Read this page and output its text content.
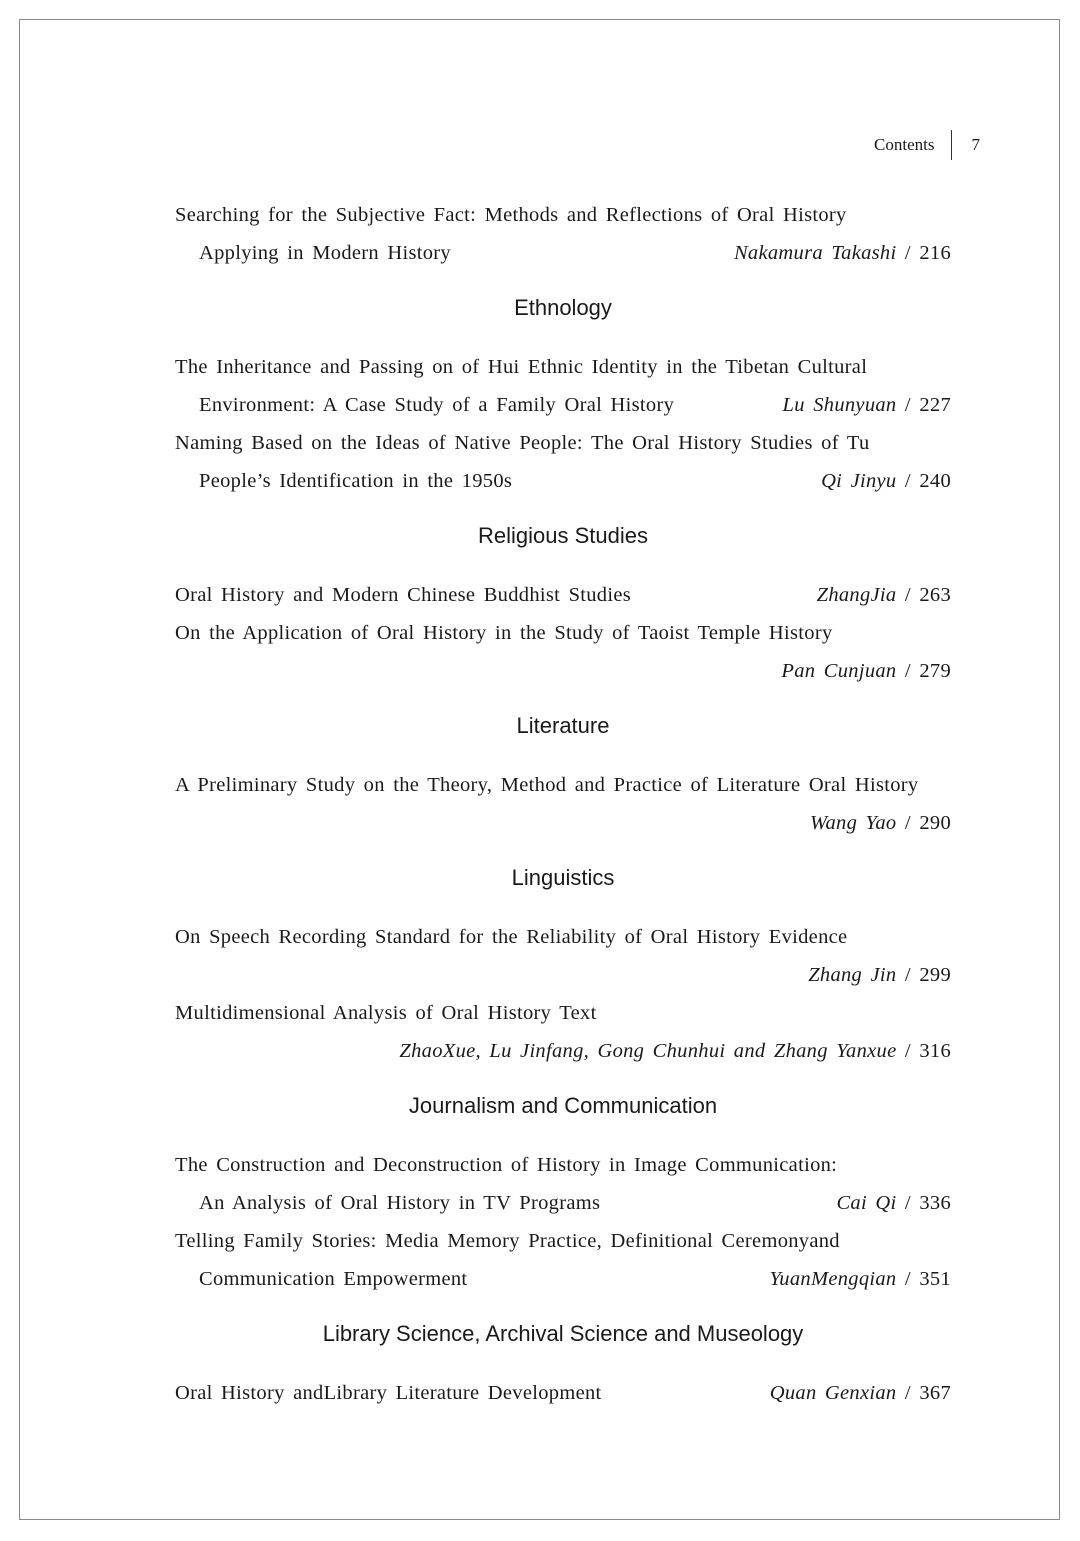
Contents 7
Searching for the Subjective Fact: Methods and Reflections of Oral History
Applying in Modern History	Nakamura Takashi / 216
Ethnology
The Inheritance and Passing on of Hui Ethnic Identity in the Tibetan Cultural
Environment: A Case Study of a Family Oral History	Lu Shunyuan / 227
Naming Based on the Ideas of Native People: The Oral History Studies of Tu
People’s Identification in the 1950s	Qi Jinyu / 240
Religious Studies
Oral History and Modern Chinese Buddhist Studies	ZhangJia / 263
On the Application of Oral History in the Study of Taoist Temple History
Pan Cunjuan / 279
Literature
A Preliminary Study on the Theory, Method and Practice of Literature Oral History
Wang Yao / 290
Linguistics
On Speech Recording Standard for the Reliability of Oral History Evidence
Zhang Jin / 299
Multidimensional Analysis of Oral History Text
ZhaoXue, Lu Jinfang, Gong Chunhui and Zhang Yanxue / 316
Journalism and Communication
The Construction and Deconstruction of History in Image Communication:
An Analysis of Oral History in TV Programs	Cai Qi / 336
Telling Family Stories: Media Memory Practice, Definitional Ceremonyand
Communication Empowerment	YuanMengqian / 351
Library Science, Archival Science and Museology
Oral History andLibrary Literature Development	Quan Genxian / 367
